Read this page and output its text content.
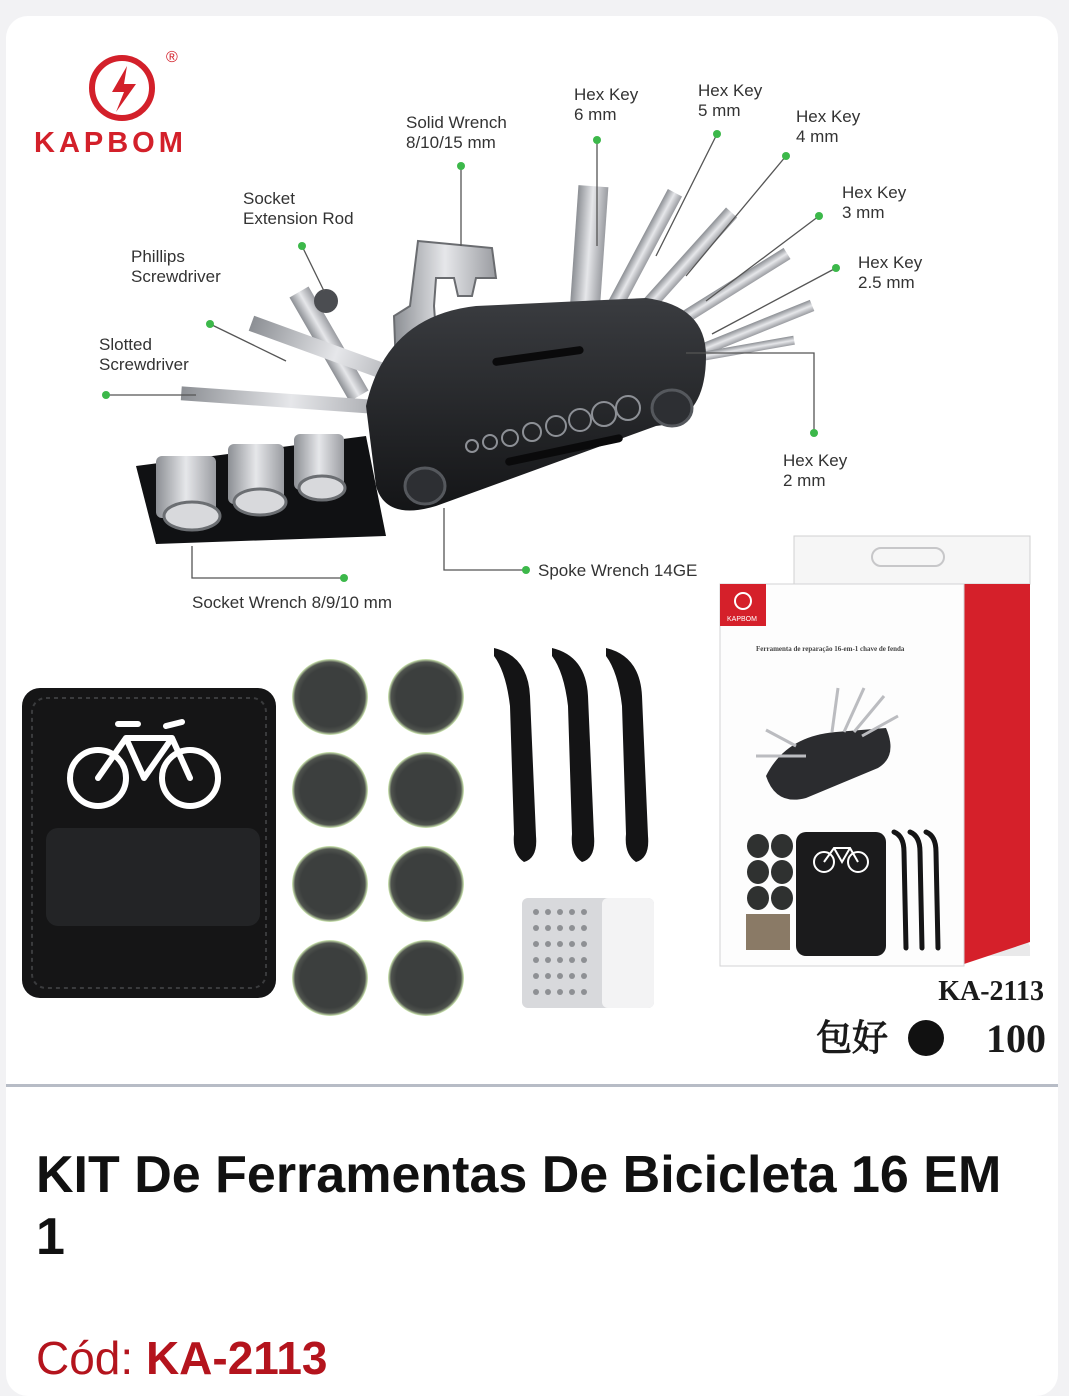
®
KAPBOM
Hex Key
6 mm
Hex Key
5 mm	Hex Key
4 mm
Hex Key
3 mm
Hex Key
2.5 mm
Hex Key
2 mm
Solid Wrench
8/10/15 mm
Socket
Extension Rod
Phillips
Screwdriver
Slotted
Screwdriver
Spoke Wrench 14GE
Socket Wrench 8/9/10 mm
KAPBOM
Ferramenta de reparação 16-em-1 chave de fenda
KA-2113
包好 100
KIT De Ferramentas De Bicicleta 16 EM 1
Cód: KA-2113
